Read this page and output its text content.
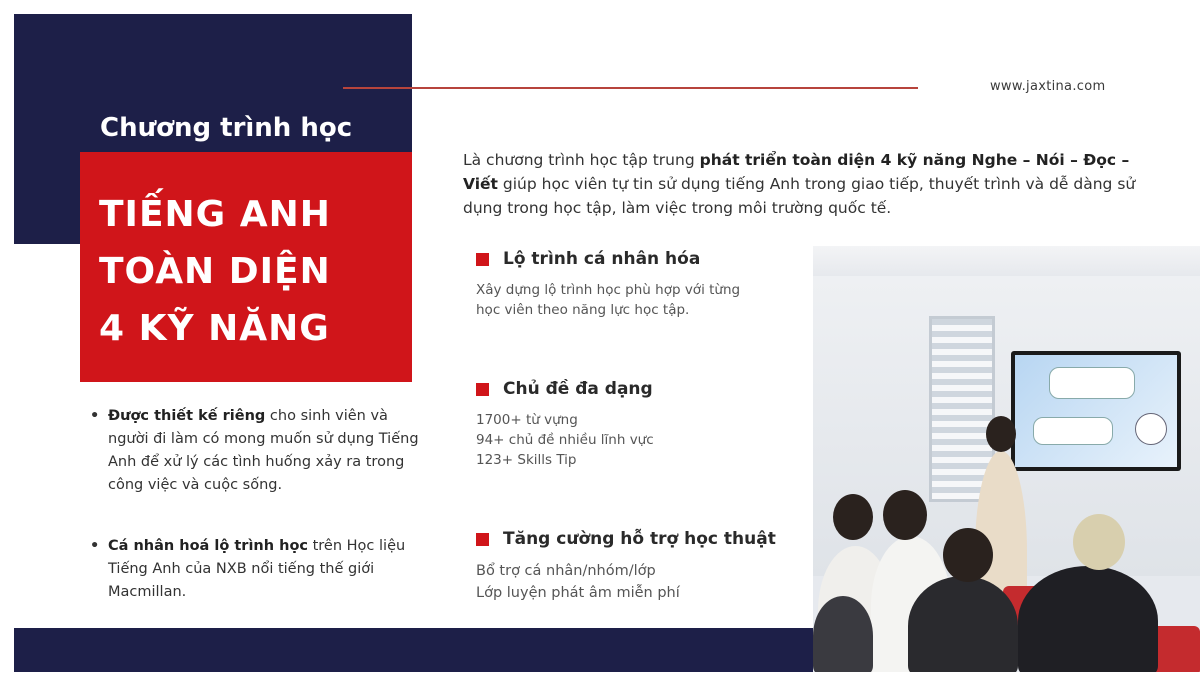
www.jaxtina.com
Chương trình học
TIẾNG ANH
TOÀN DIỆN
4 KỸ NĂNG
• Được thiết kế riêng cho sinh viên và người đi làm có mong muốn sử dụng Tiếng Anh để xử lý các tình huống xảy ra trong công việc và cuộc sống.
• Cá nhân hoá lộ trình học trên Học liệu Tiếng Anh của NXB nổi tiếng thế giới Macmillan.
Là chương trình học tập trung phát triển toàn diện 4 kỹ năng Nghe – Nói – Đọc – Viết giúp học viên tự tin sử dụng tiếng Anh trong giao tiếp, thuyết trình và dễ dàng sử dụng trong học tập, làm việc trong môi trường quốc tế.
Lộ trình cá nhân hóa
Xây dựng lộ trình học phù hợp với từng
học viên theo năng lực học tập.
Chủ đề đa dạng
1700+ từ vựng
94+ chủ đề nhiều lĩnh vực
123+ Skills Tip
Tăng cường hỗ trợ học thuật
Bổ trợ cá nhân/nhóm/lớp
Lớp luyện phát âm miễn phí
